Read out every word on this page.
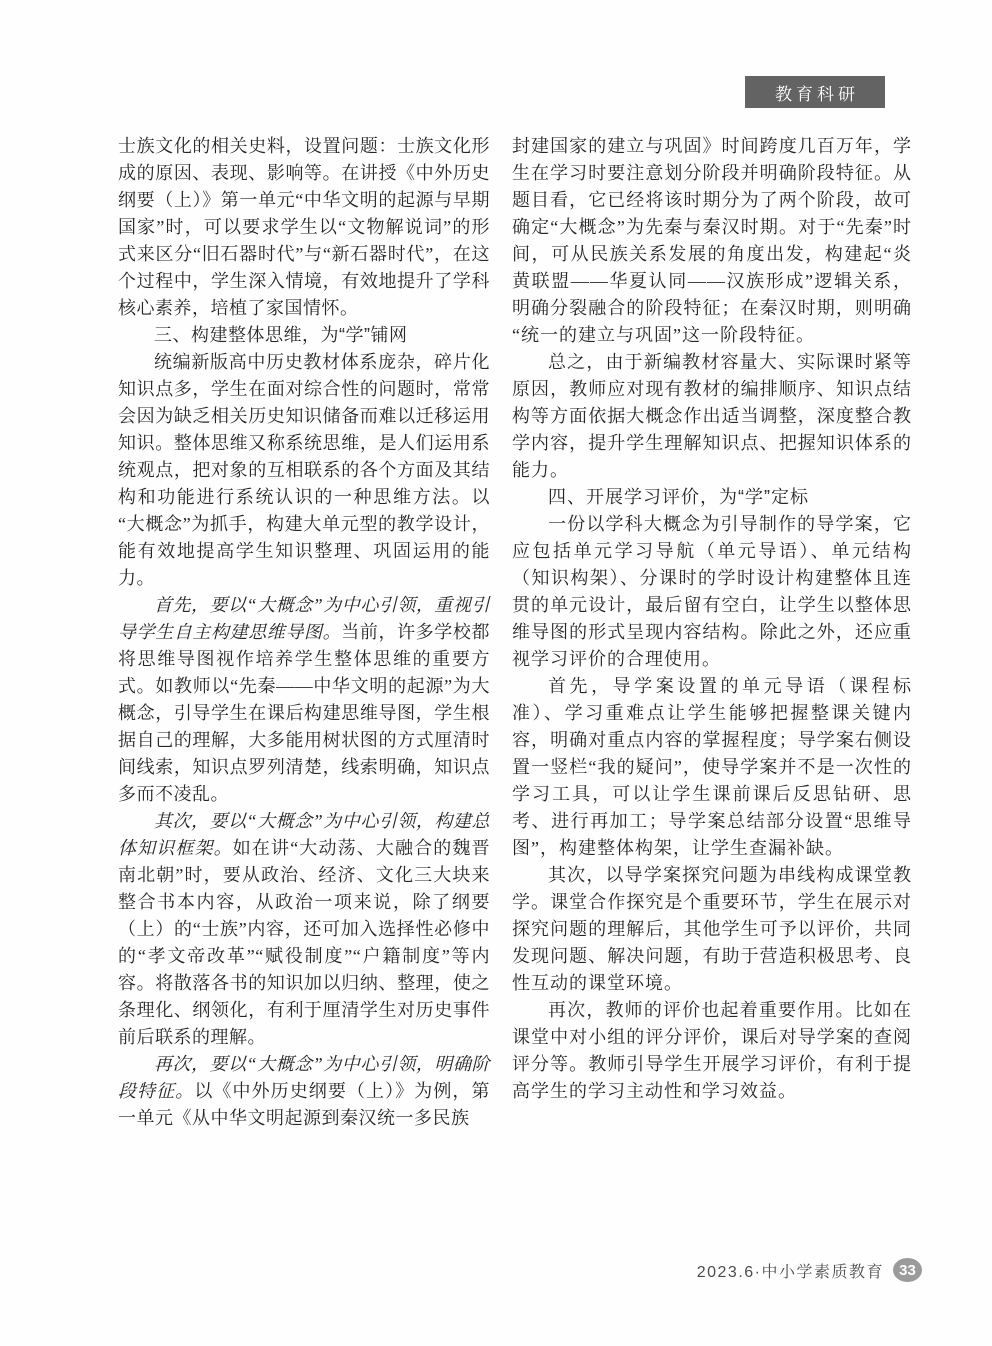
教育科研

士族文化的相关史料，设置问题：士族文化形成的原因、表现、影响等。在讲授《中外历史纲要（上）》第一单元“中华文明的起源与早期国家”时，可以要求学生以“文物解说词”的形式来区分“旧石器时代”与“新石器时代”，在这个过程中，学生深入情境，有效地提升了学科核心素养，培植了家国情怀。

三、构建整体思维，为“学”铺网

统编新版高中历史教材体系庞杂，碎片化知识点多，学生在面对综合性的问题时，常常会因为缺乏相关历史知识储备而难以迁移运用知识。整体思维又称系统思维，是人们运用系统观点，把对象的互相联系的各个方面及其结构和功能进行系统认识的一种思维方法。以“大概念”为抓手，构建大单元型的教学设计，能有效地提高学生知识整理、巩固运用的能力。

首先，要以“大概念”为中心引领，重视引导学生自主构建思维导图。当前，许多学校都将思维导图视作培养学生整体思维的重要方式。如教师以“先秦——中华文明的起源”为大概念，引导学生在课后构建思维导图，学生根据自己的理解，大多能用树状图的方式厘清时间线索，知识点罗列清楚，线索明确，知识点多而不凌乱。

其次，要以“大概念”为中心引领，构建总体知识框架。如在讲“大动荡、大融合的魏晋南北朝”时，要从政治、经济、文化三大块来整合书本内容，从政治一项来说，除了纲要（上）的“士族”内容，还可加入选择性必修中的“孝文帝改革”“赋役制度”“户籍制度”等内容。将散落各书的知识加以归纳、整理，使之条理化、纲领化，有利于厘清学生对历史事件前后联系的理解。

再次，要以“大概念”为中心引领，明确阶段特征。以《中外历史纲要（上）》为例，第一单元《从中华文明起源到秦汉统一多民族

封建国家的建立与巩固》时间跨度几百万年，学生在学习时要注意划分阶段并明确阶段特征。从题目看，它已经将该时期分为了两个阶段，故可确定“大概念”为先秦与秦汉时期。对于“先秦”时间，可从民族关系发展的角度出发，构建起“炎黄联盟——华夏认同——汉族形成”逻辑关系，明确分裂融合的阶段特征；在秦汉时期，则明确“统一的建立与巩固”这一阶段特征。

总之，由于新编教材容量大、实际课时紧等原因，教师应对现有教材的编排顺序、知识点结构等方面依据大概念作出适当调整，深度整合教学内容，提升学生理解知识点、把握知识体系的能力。

四、开展学习评价，为“学”定标

一份以学科大概念为引导制作的导学案，它应包括单元学习导航（单元导语）、单元结构（知识构架）、分课时的学时设计构建整体且连贯的单元设计，最后留有空白，让学生以整体思维导图的形式呈现内容结构。除此之外，还应重视学习评价的合理使用。

首先，导学案设置的单元导语（课程标准）、学习重难点让学生能够把握整课关键内容，明确对重点内容的掌握程度；导学案右侧设置一竖栏“我的疑问”，使导学案并不是一次性的学习工具，可以让学生课前课后反思钻研、思考、进行再加工；导学案总结部分设置“思维导图”，构建整体构架，让学生查漏补缺。

其次，以导学案探究问题为串线构成课堂教学。课堂合作探究是个重要环节，学生在展示对探究问题的理解后，其他学生可予以评价，共同发现问题、解决问题，有助于营造积极思考、良性互动的课堂环境。

再次，教师的评价也起着重要作用。比如在课堂中对小组的评分评价，课后对导学案的查阅评分等。教师引导学生开展学习评价，有利于提高学生的学习主动性和学习效益。

2023.6·中小学素质教育	33
